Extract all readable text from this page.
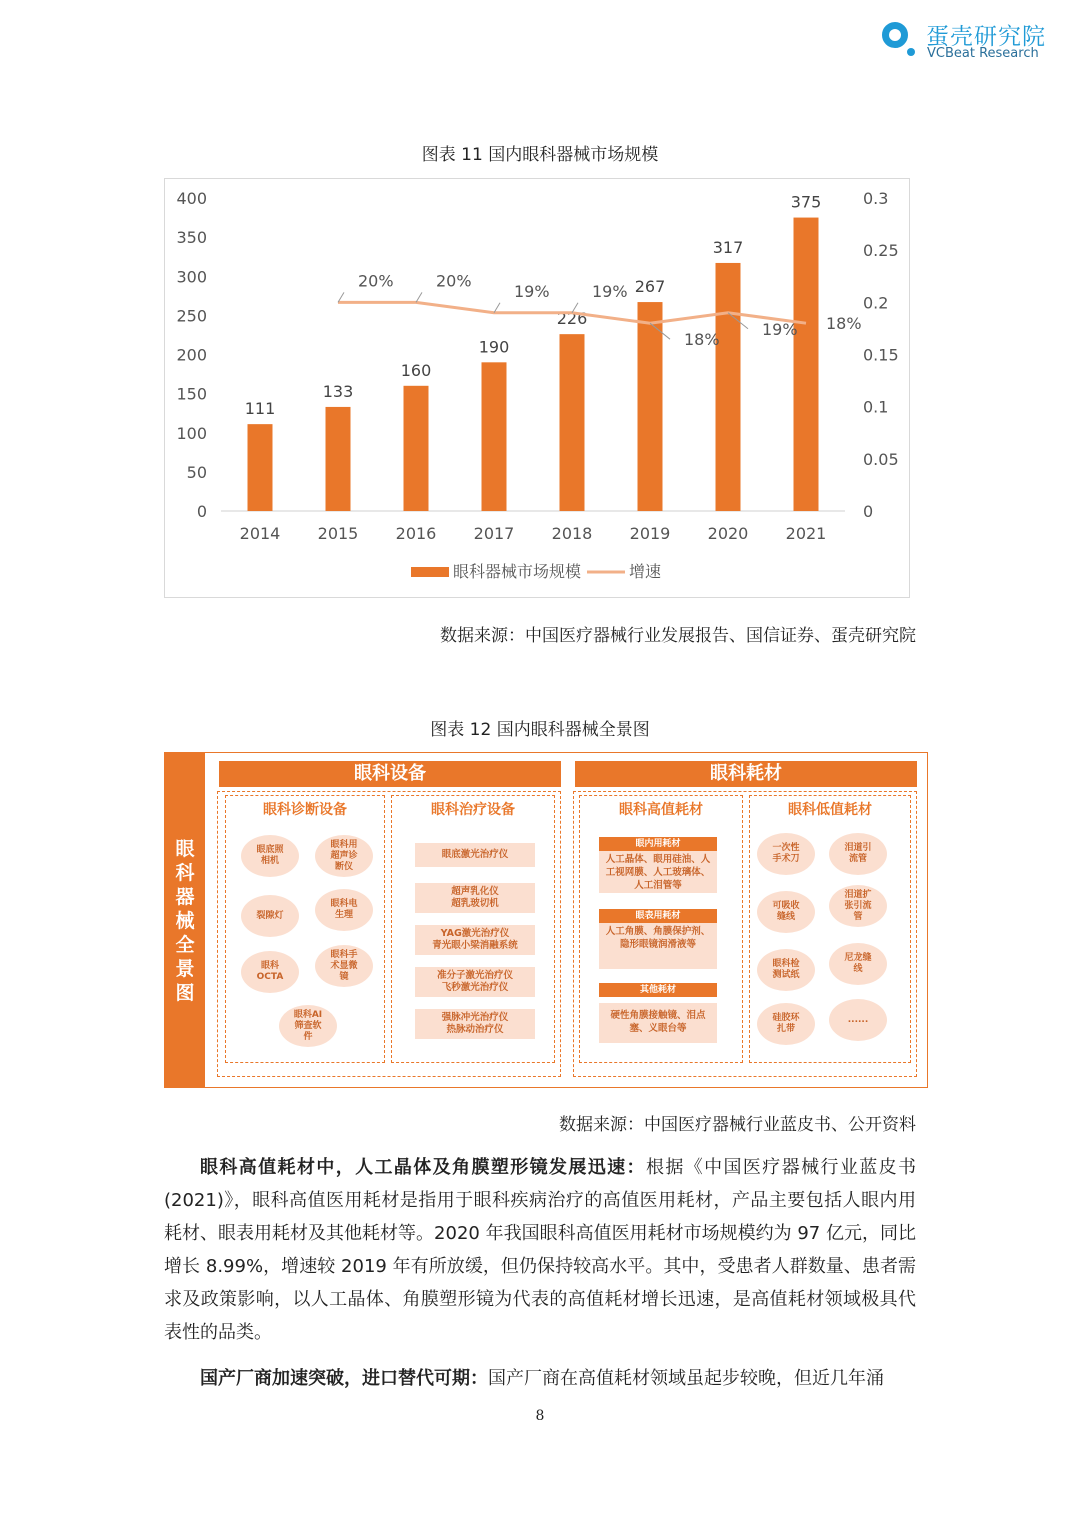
蛋壳研究院
VCBeat Research
图表 11 国内眼科器械市场规模
0
50
100
150
200
250
300
350
400
0
0.05
0.1
0.15
0.2
0.25
0.3
111
2014
133
2015
160
2016
190
2017
226
2018
267
2019
317
2020
375
2021
20%	20%
19%	19%
18%
19% 18%
眼科器械市场规模	增速
数据来源：中国医疗器械行业发展报告、国信证券、蛋壳研究院
图表 12 国内眼科器械全景图
眼科器械全景图
眼科设备
眼科诊断设备	眼科治疗设备
眼底照相机
眼科用超声诊断仪
裂隙灯
眼科电生理
眼科OCTA
眼科手术显微镜
眼科AI筛查软件
眼底激光治疗仪
超声乳化仪
超乳玻切机
YAG激光治疗仪
青光眼小梁消融系统
准分子激光治疗仪
飞秒激光治疗仪
强脉冲光治疗仪
热脉动治疗仪
眼科耗材
眼科高值耗材	眼科低值耗材
眼内用耗材
人工晶体、眼用硅油、人工视网膜、人工玻璃体、人工泪管等
眼表用耗材
人工角膜、角膜保护剂、隐形眼镜润滑液等
其他耗材
硬性角膜接触镜、泪点塞、义眼台等
一次性手术刀
泪道引流管
可吸收缝线
泪道扩张引流管
眼科检测试纸
尼龙缝线
硅胶环扎带
......
数据来源：中国医疗器械行业蓝皮书、公开资料
眼科高值耗材中，人工晶体及角膜塑形镜发展迅速：根据《中国医疗器械行业蓝皮书(2021)》，眼科高值医用耗材是指用于眼科疾病治疗的高值医用耗材，产品主要包括人眼内用耗材、眼表用耗材及其他耗材等。2020 年我国眼科高值医用耗材市场规模约为 97 亿元，同比增长 8.99%，增速较 2019 年有所放缓，但仍保持较高水平。其中，受患者人群数量、患者需求及政策影响，以人工晶体、角膜塑形镜为代表的高值耗材增长迅速，是高值耗材领域极具代表性的品类。
国产厂商加速突破，进口替代可期：国产厂商在高值耗材领域虽起步较晚，但近几年涌
8
